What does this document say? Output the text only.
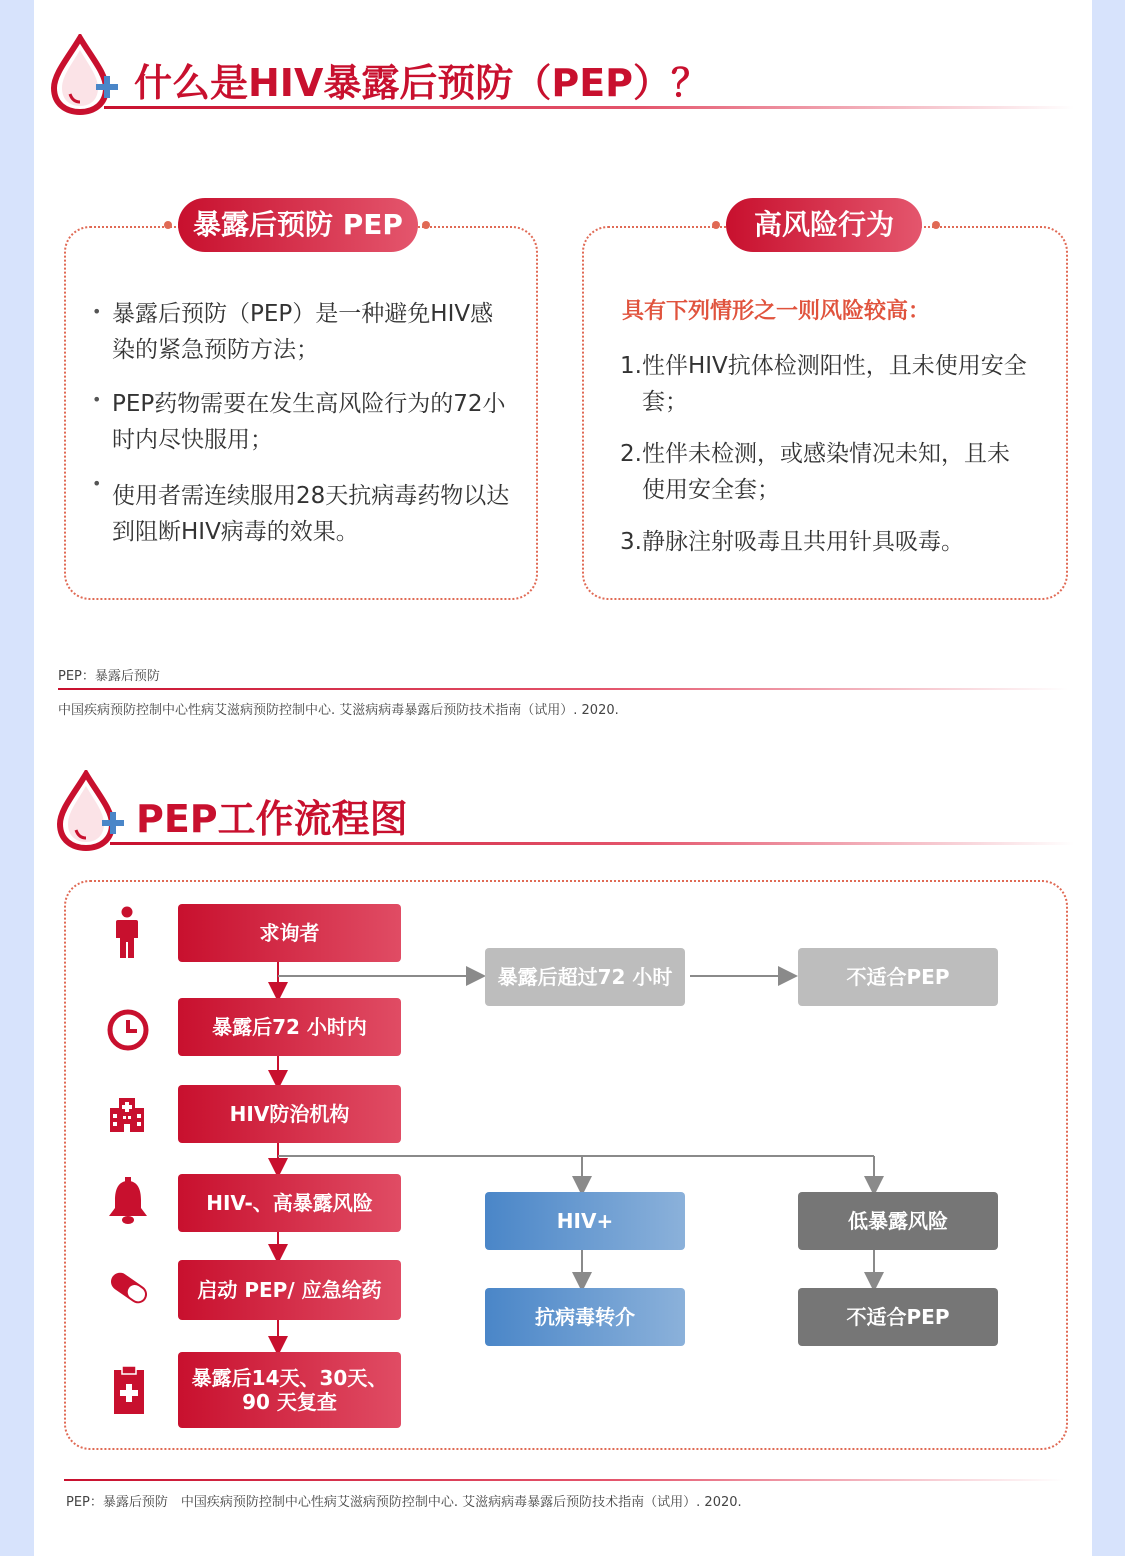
什么是HIV暴露后预防（PEP）？
暴露后预防 PEP
• 暴露后预防（PEP）是一种避免HIV感染的紧急预防方法；
• PEP药物需要在发生高风险行为的72小时内尽快服用；
• 使用者需连续服用28天抗病毒药物以达到阻断HIV病毒的效果。
高风险行为
具有下列情形之一则风险较高：
1.性伴HIV抗体检测阳性，且未使用安全套；
2.性伴未检测，或感染情况未知，且未使用安全套；
3.静脉注射吸毒且共用针具吸毒。
PEP：暴露后预防
中国疾病预防控制中心性病艾滋病预防控制中心. 艾滋病病毒暴露后预防技术指南（试用）. 2020.
PEP工作流程图
求询者
暴露后72 小时内
HIV防治机构
HIV-、高暴露风险
启动 PEP/ 应急给药
暴露后14天、30天、
90 天复查
暴露后超过72 小时	不适合PEP
HIV+
抗病毒转介
低暴露风险
不适合PEP
PEP：暴露后预防　中国疾病预防控制中心性病艾滋病预防控制中心. 艾滋病病毒暴露后预防技术指南（试用）. 2020.
